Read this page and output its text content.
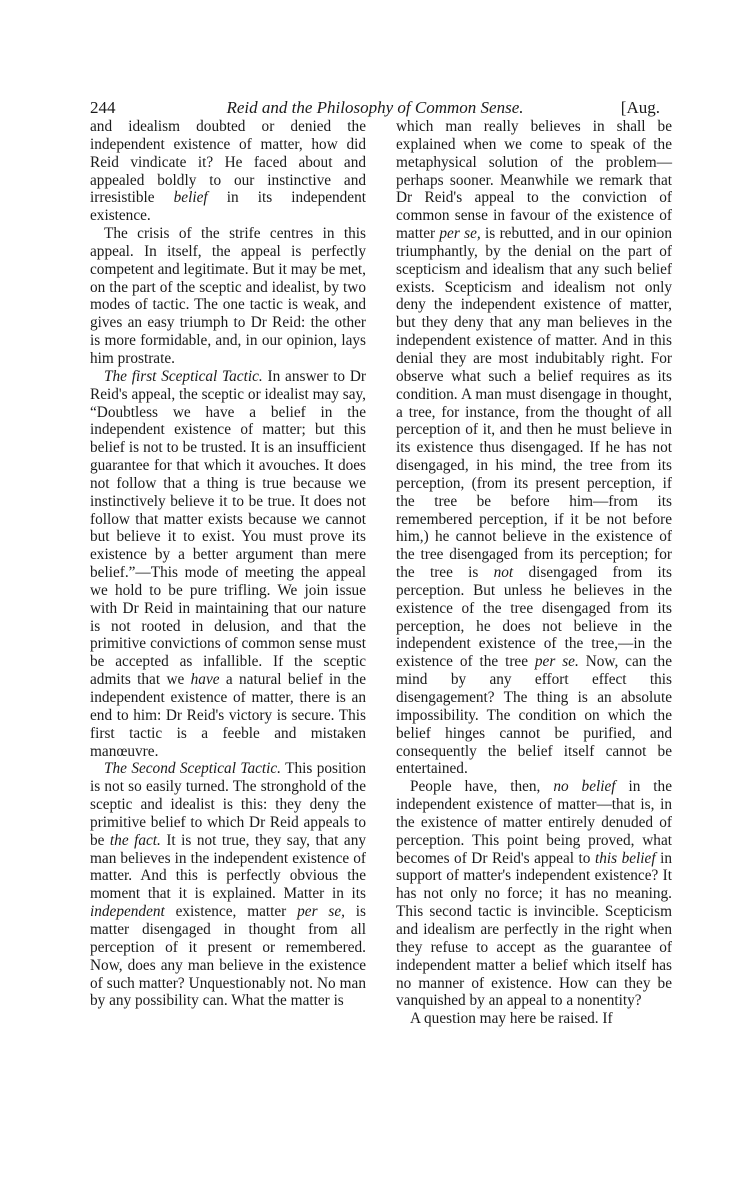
244	Reid and the Philosophy of Common Sense.	[Aug.

and idealism doubted or denied the independent existence of matter, how did Reid vindicate it? He faced about and appealed boldly to our instinctive and irresistible belief in its independent existence.

The crisis of the strife centres in this appeal. In itself, the appeal is perfectly competent and legitimate. But it may be met, on the part of the sceptic and idealist, by two modes of tactic. The one tactic is weak, and gives an easy triumph to Dr Reid: the other is more formidable, and, in our opinion, lays him prostrate.

The first Sceptical Tactic. In answer to Dr Reid's appeal, the sceptic or idealist may say, “Doubtless we have a belief in the independent existence of matter; but this belief is not to be trusted. It is an insufficient guarantee for that which it avouches. It does not follow that a thing is true because we instinctively believe it to be true. It does not follow that matter exists because we cannot but believe it to exist. You must prove its existence by a better argument than mere belief.”—This mode of meeting the appeal we hold to be pure trifling. We join issue with Dr Reid in maintaining that our nature is not rooted in delusion, and that the primitive convictions of common sense must be accepted as infallible. If the sceptic admits that we have a natural belief in the independent existence of matter, there is an end to him: Dr Reid's victory is secure. This first tactic is a feeble and mistaken manœuvre.

The Second Sceptical Tactic. This position is not so easily turned. The stronghold of the sceptic and idealist is this: they deny the primitive belief to which Dr Reid appeals to be the fact. It is not true, they say, that any man believes in the independent existence of matter. And this is perfectly obvious the moment that it is explained. Matter in its independent existence, matter per se, is matter disengaged in thought from all perception of it present or remembered. Now, does any man believe in the existence of such matter? Unquestionably not. No man by any possibility can. What the matter is

which man really believes in shall be explained when we come to speak of the metaphysical solution of the problem—perhaps sooner. Meanwhile we remark that Dr Reid's appeal to the conviction of common sense in favour of the existence of matter per se, is rebutted, and in our opinion triumphantly, by the denial on the part of scepticism and idealism that any such belief exists. Scepticism and idealism not only deny the independent existence of matter, but they deny that any man believes in the independent existence of matter. And in this denial they are most indubitably right. For observe what such a belief requires as its condition. A man must disengage in thought, a tree, for instance, from the thought of all perception of it, and then he must believe in its existence thus disengaged. If he has not disengaged, in his mind, the tree from its perception, (from its present perception, if the tree be before him—from its remembered perception, if it be not before him,) he cannot believe in the existence of the tree disengaged from its perception; for the tree is not disengaged from its perception. But unless he believes in the existence of the tree disengaged from its perception, he does not believe in the independent existence of the tree,—in the existence of the tree per se. Now, can the mind by any effort effect this disengagement? The thing is an absolute impossibility. The condition on which the belief hinges cannot be purified, and consequently the belief itself cannot be entertained.

People have, then, no belief in the independent existence of matter—that is, in the existence of matter entirely denuded of perception. This point being proved, what becomes of Dr Reid's appeal to this belief in support of matter's independent existence? It has not only no force; it has no meaning. This second tactic is invincible. Scepticism and idealism are perfectly in the right when they refuse to accept as the guarantee of independent matter a belief which itself has no manner of existence. How can they be vanquished by an appeal to a nonentity?

A question may here be raised. If
